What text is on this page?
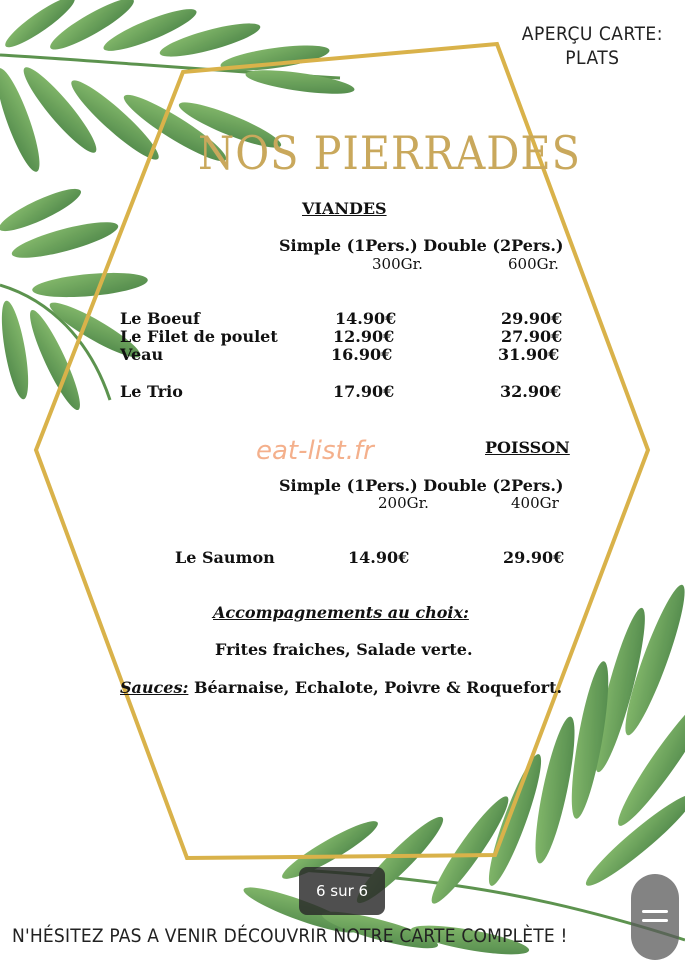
APERÇU CARTE:
PLATS
NOS PIERRADES
VIANDES
Simple (1Pers.) Double (2Pers.)
300Gr.	600Gr.
Le Boeuf	14.90€	29.90€
Le Filet de poulet	12.90€	27.90€
Veau	16.90€	31.90€
Le Trio	17.90€	32.90€
eat-list.fr	POISSON
Simple (1Pers.) Double (2Pers.)
200Gr.	400Gr
Le Saumon	14.90€	29.90€
Accompagnements au choix:
Frites fraiches, Salade verte.
Sauces: Béarnaise, Echalote, Poivre & Roquefort.
N'HÉSITEZ PAS A VENIR DÉCOUVRIR NOTRE CARTE COMPLÈTE !
6 sur 6
